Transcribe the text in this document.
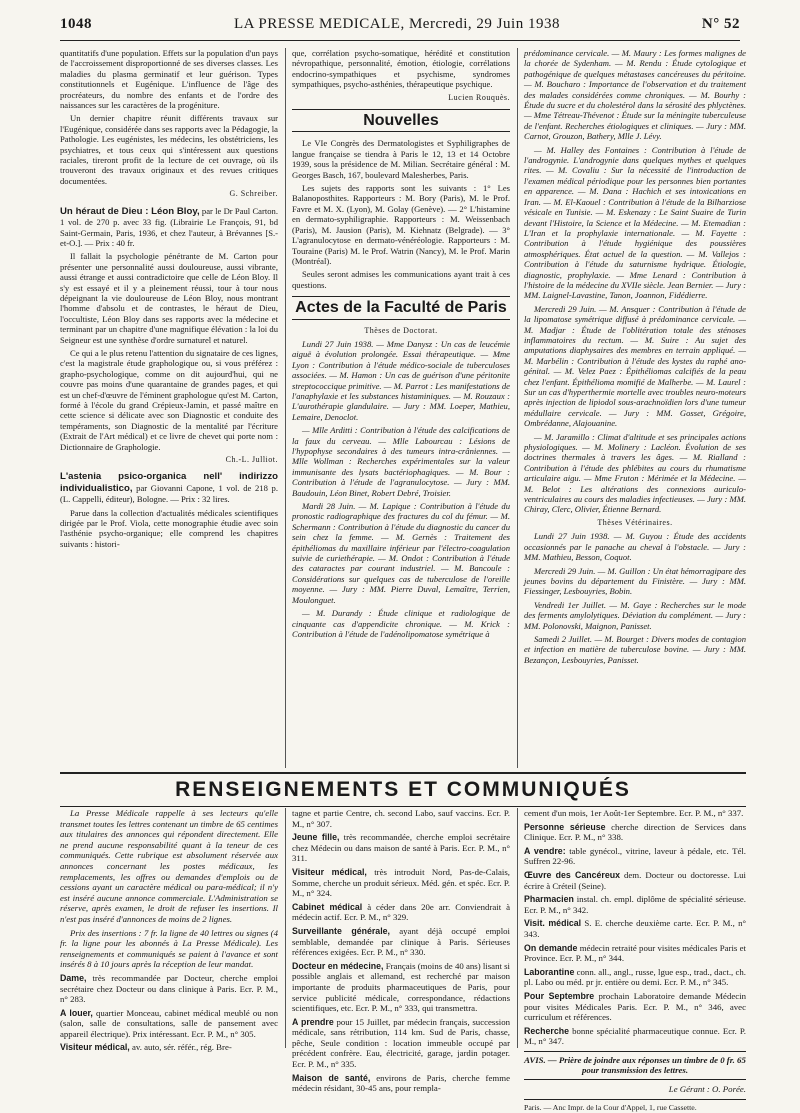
1048	LA PRESSE MEDICALE, Mercredi, 29 Juin 1938	N° 52

quantitatifs d'une population. Effets sur la population d'un pays de l'accroissement disproportionné de ses diverses classes. Les maladies du plasma germinatif et leur guérison. Types constitutionnels et Eugénique. L'influence de l'âge des procréateurs, du nombre des enfants et de l'ordre des naissances sur les caractères de la progéniture.

Un dernier chapitre réunit différents travaux sur l'Eugénique, considérée dans ses rapports avec la Pédagogie, la Pathologie. Les eugénistes, les médecins, les obstétriciens, les psychiatres, et tous ceux qui s'intéressent aux questions raciales, tireront profit de la lecture de cet ouvrage, où ils trouveront des travaux originaux et des revues critiques documentées.

G. Schreiber.

Un héraut de Dieu : Léon Bloy, par le Dr Paul Carton. 1 vol. de 270 p. avec 33 fig. (Librairie Le François, 91, bd Saint-Germain, Paris, 1936, et chez l'auteur, à Brévannes [S.-et-O.]. — Prix : 40 fr.

Il fallait la psychologie pénétrante de M. Carton pour présenter une personnalité aussi douloureuse, aussi vibrante, aussi étrange et aussi contradictoire que celle de Léon Bloy. Il s'y est essayé et il y a pleinement réussi, tour à tour nous dépeignant la vie douloureuse de Léon Bloy, nous montrant l'homme d'absolu et de contrastes, le héraut de Dieu, l'occultiste, Léon Bloy dans ses rapports avec la médecine et terminant par un chapitre d'une magnifique élévation : la loi du Seigneur est une synthèse d'ordre surnaturel et naturel.

Ce qui a le plus retenu l'attention du signataire de ces lignes, c'est la magistrale étude graphologique ou, si vous préférez : grapho-psychologique, comme on dit aujourd'hui, qui ne couvre pas moins d'une quarantaine de grandes pages, et qui est un chef-d'œuvre de l'éminent graphologue qu'est M. Carton, formé à l'école du grand Crépieux-Jamin, et passé maître en cette science si délicate avec son Diagnostic et conduite des tempéraments, son Diagnostic de la mentalité par l'écriture (Extrait de l'Art médical) et ce livre de chevet qui porte nom : Dictionnaire de Graphologie.

Ch.-L. Julliot.

L'astenia psico-organica nell' indirizzo individualistico, par Giovanni Capone, 1 vol. de 218 p. (L. Cappelli, éditeur), Bologne. — Prix : 32 lires.

Parue dans la collection d'actualités médicales scientifiques dirigée par le Prof. Viola, cette monographie étudie avec soin l'asthénie psycho-organique; elle comprend les chapitres suivants : histori-

que, corrélation psycho-somatique, hérédité et constitution névropathique, personnalité, émotion, étiologie, corrélations endocrino-sympathiques et psychisme, syndromes sympathiques, psycho-asthénies, thérapeutique psychique.

Lucien Rouquès.
Nouvelles

Le VIe Congrès des Dermatologistes et Syphiligraphes de langue française se tiendra à Paris le 12, 13 et 14 Octobre 1939, sous la présidence de M. Milian. Secrétaire général : M. Georges Basch, 167, boulevard Malesherbes, Paris.

Les sujets des rapports sont les suivants : 1° Les Balanoposthites. Rapporteurs : M. Bory (Paris), M. le Prof. Favre et M. X. (Lyon), M. Golay (Genève). — 2° L'histamine en dermato-syphiligraphie. Rapporteurs : M. Weissenbach (Paris), M. Jausion (Paris), M. Kiehnatz (Belgrade). — 3° L'agranulocytose en dermato-vénéréologie. Rapporteurs : M. Touraine (Paris) M. le Prof. Watrin (Nancy), M. le Prof. Marin (Montréal).

Seules seront admises les communications ayant trait à ces questions.

Actes de la Faculté de Paris
Thèses de Doctorat.

Lundi 27 Juin 1938. — Mme Danysz : Un cas de leucémie aiguë à évolution prolongée. Essai thérapeutique. — Mme Lyon : Contribution à l'étude médico-sociale de tuberculoses associées. — M. Hamon : Un cas de guérison d'une péritonite streptococcique primitive. — M. Parrot : Les manifestations de l'anaphylaxie et les substances histaminiques. — M. Rouzaux : L'aurothérapie glandulaire. — Jury : MM. Loeper, Mathieu, Lemaire, Denoclot.

— Mlle Arditti : Contribution à l'étude des calcifications de la faux du cerveau. — Mlle Labourcau : Lésions de l'hypophyse secondaires à des tumeurs intra-crâniennes. — Mlle Wollman : Recherches expérimentales sur la valeur immunisante des lysats bactériophagiques. — M. Bour : Contribution à l'étude de l'agranulocytose. — Jury : MM. Baudouin, Léon Binet, Robert Debré, Troisier.

Mardi 28 Juin. — M. Lapique : Contribution à l'étude du pronostic radiographique des fractures du col du fémur. — M. Schermann : Contribution à l'étude du diagnostic du cancer du sein chez la femme. — M. Gernès : Traitement des épithéliomas du maxillaire inférieur par l'électro-coagulation suivie de curiethérapie. — M. Ondot : Contribution à l'étude des cataractes par courant industriel. — M. Bancoule : Considérations sur quelques cas de tuberculose de l'oreille moyenne. — Jury : MM. Pierre Duval, Lemaître, Terrien, Moulonguet.

— M. Durandy : Étude clinique et radiologique de cinquante cas d'appendicite chronique. — M. Krick : Contribution à l'étude de l'adénolipomatose symétrique à

prédominance cervicale. — M. Maury : Les formes malignes de la chorée de Sydenham. — M. Rendu : Étude cytologique et pathogénique de quelques métastases cancéreuses du péritoine. — M. Boucharo : Importance de l'observation et du traitement des malades considérées comme chroniques. — M. Bourhy : Étude du sucre et du cholestérol dans la sérosité des phlyctènes. — Mme Tétreau-Thévenot : Étude sur la méningite tuberculeuse de l'enfant. Recherches étiologiques et cliniques. — Jury : MM. Carnot, Grouzon, Bathery, Mlle J. Lévy.

— M. Halley des Fontaines : Contribution à l'étude de l'androgynie. L'androgynie dans quelques mythes et quelques rites. — M. Covaliu : Sur la nécessité de l'introduction de l'examen médical périodique pour les personnes bien portantes en apparence. — M. Dana : Hachich et ses intoxications en Iran. — M. El-Kaouel : Contribution à l'étude de la Bilharziose vésicale en Tunisie. — M. Eskenazy : Le Saint Suaire de Turin devant l'Histoire, la Science et la Médecine. — M. Etemadian : L'Iran et la prophylaxie internationale. — M. Fayette : Contribution à l'étude hygiénique des poussières atmosphériques. État actuel de la question. — M. Vallejos : Contribution à l'étude du saturnisme hydrique. Étiologie, diagnostic, prophylaxie. — Mme Lenard : Contribution à l'histoire de la médecine du XVIIe siècle. Jean Bernier. — Jury : MM. Laignel-Lavastine, Tanon, Joannon, Fidédierre.

Mercredi 29 Juin. — M. Ansquer : Contribution à l'étude de la lipomatose symétrique diffusé à prédominance cervicale. — M. Madjar : Étude de l'oblitération totale des sténoses inflammatoires du rectum. — M. Suire : Au sujet des amputations diaphysaires des membres en terrain appliqué. — M. Marbélin : Contribution à l'étude des kystes du raphé ano-génital. — M. Velez Paez : Épithéliomas calcifiés de la peau chez l'enfant. Épithélioma momifié de Malherbe. — M. Laurel : Sur un cas d'hyperthermie mortelle avec troubles neuro-moteurs après injection de lipiodol sous-arachnoïdien lors d'une tumeur médullaire cervicale. — Jury : MM. Gosset, Grégoire, Ombrédanne, Alajouanine.

— M. Jaramillo : Climat d'altitude et ses principales actions physiologiques. — M. Molinery : Lacléon. Évolution de ses doctrines thermales à travers les âges. — M. Rialland : Contribution à l'étude des phlébites au cours du rhumatisme articulaire aigu. — Mme Fruton : Mérimée et la Médecine. — M. Belot : Les altérations des connexions auriculo-ventriculaires au cours des maladies infectieuses. — Jury : MM. Chiray, Clerc, Olivier, Étienne Bernard.

Thèses Vétérinaires.

Lundi 27 Juin 1938. — M. Guyou : Étude des accidents occasionnés par le panache au cheval à l'obstacle. — Jury : MM. Mathieu, Besson, Coquot.

Mercredi 29 Juin. — M. Guillon : Un état hémorragipare des jeunes bovins du département du Finistère. — Jury : MM. Fiessinger, Lesbouyries, Bobin.

Vendredi 1er Juillet. — M. Gaye : Recherches sur le mode des ferments amylolytiques. Déviation du complément. — Jury : MM. Polonovski, Maignon, Panisset.

Samedi 2 Juillet. — M. Bourget : Divers modes de contagion et infection en matière de tuberculose bovine. — Jury : MM. Bezançon, Lesbouyries, Panisset.

RENSEIGNEMENTS ET COMMUNIQUÉS

La Presse Médicale rappelle à ses lecteurs qu'elle transmet toutes les lettres contenant un timbre de 65 centimes aux titulaires des annonces qui répondent directement. Elle ne prend aucune responsabilité quant à la teneur de ces communiqués. Cette rubrique est absolument réservée aux annonces concernant les postes médicaux, les remplacements, les offres ou demandes d'emplois ou de cessions ayant un caractère médical ou para-médical; il n'y est inséré aucune annonce commerciale. L'Administration se réserve, après examen, le droit de refuser les insertions. Il n'est pas inséré d'annonces de moins de 2 lignes.

Prix des insertions : 7 fr. la ligne de 40 lettres ou signes (4 fr. la ligne pour les abonnés à La Presse Médicale). Les renseignements et communiqués se paient à l'avance et sont insérés 8 à 10 jours après la réception de leur mandat.

Dame, très recommandée par Docteur, cherche emploi secrétaire chez Docteur ou dans clinique à Paris. Ecr. P. M., n° 283.

A louer, quartier Monceau, cabinet médical meublé ou non (salon, salle de consultations, salle de pansement avec appareil électrique). Prix intéressant. Ecr. P. M., n° 305.

Visiteur médical, av. auto, sér. référ., rég. Bre-

tagne et partie Centre, ch. second Labo, sauf vaccins. Ecr. P. M., n° 307.

Jeune fille, très recommandée, cherche emploi secrétaire chez Médecin ou dans maison de santé à Paris. Ecr. P. M., n° 311.

Visiteur médical, très introduit Nord, Pas-de-Calais, Somme, cherche un produit sérieux. Méd. gén. et spéc. Ecr. P. M., n° 324.

Cabinet médical à céder dans 20e arr. Conviendrait à médecin actif. Ecr. P. M., n° 329.

Surveillante générale, ayant déjà occupé emploi semblable, demandée par clinique à Paris. Sérieuses références exigées. Ecr. P. M., n° 330.

Docteur en médecine, Français (moins de 40 ans) lisant si possible anglais et allemand, est recherché par maison importante de produits pharmaceutiques de Paris, pour service publicité médicale, correspondance, rédactions scientifiques, etc. Ecr. P. M., n° 333, qui transmettra.

A prendre pour 15 Juillet, par médecin français, succession médicale, sans rétribution, 114 km. Sud de Paris, chasse, pêche, Seule condition : location immeuble occupé par précédent confrère. Eau, électricité, garage, jardin potager. Ecr. P. M., n° 335.

Maison de santé, environs de Paris, cherche femme médecin résidant, 30-45 ans, pour rempla-

cement d'un mois, 1er Août-1er Septembre. Ecr. P. M., n° 337.

Personne sérieuse cherche direction de Services dans Clinique. Ecr. P. M., n° 338.

A vendre: table gynécol., vitrine, laveur à pédale, etc. Tél. Suffren 22-96.

Œuvre des Cancéreux dem. Docteur ou doctoresse. Lui écrire à Créteil (Seine).

Pharmacien instal. ch. empl. diplôme de spécialité sérieuse. Ecr. P. M., n° 342.

Visit. médical S. E. cherche deuxième carte. Ecr. P. M., n° 343.

On demande médecin retraité pour visites médicales Paris et Province. Ecr. P. M., n° 344.

Laborantine conn. all., angl., russe, lgue esp., trad., dact., ch. pl. Labo ou méd. pr jr. entière ou demi. Ecr. P. M., n° 345.

Pour Septembre prochain Laboratoire demande Médecin pour visites Médicales Paris. Ecr. P. M., n° 346, avec curriculum et références.

Recherche bonne spécialité pharmaceutique connue. Ecr. P. M., n° 347.

AVIS. — Prière de joindre aux réponses un timbre de 0 fr. 65 pour transmission des lettres.
Le Gérant : O. Porée.
Paris. — Anc Impr. de la Cour d'Appel, 1, rue Cassette.
